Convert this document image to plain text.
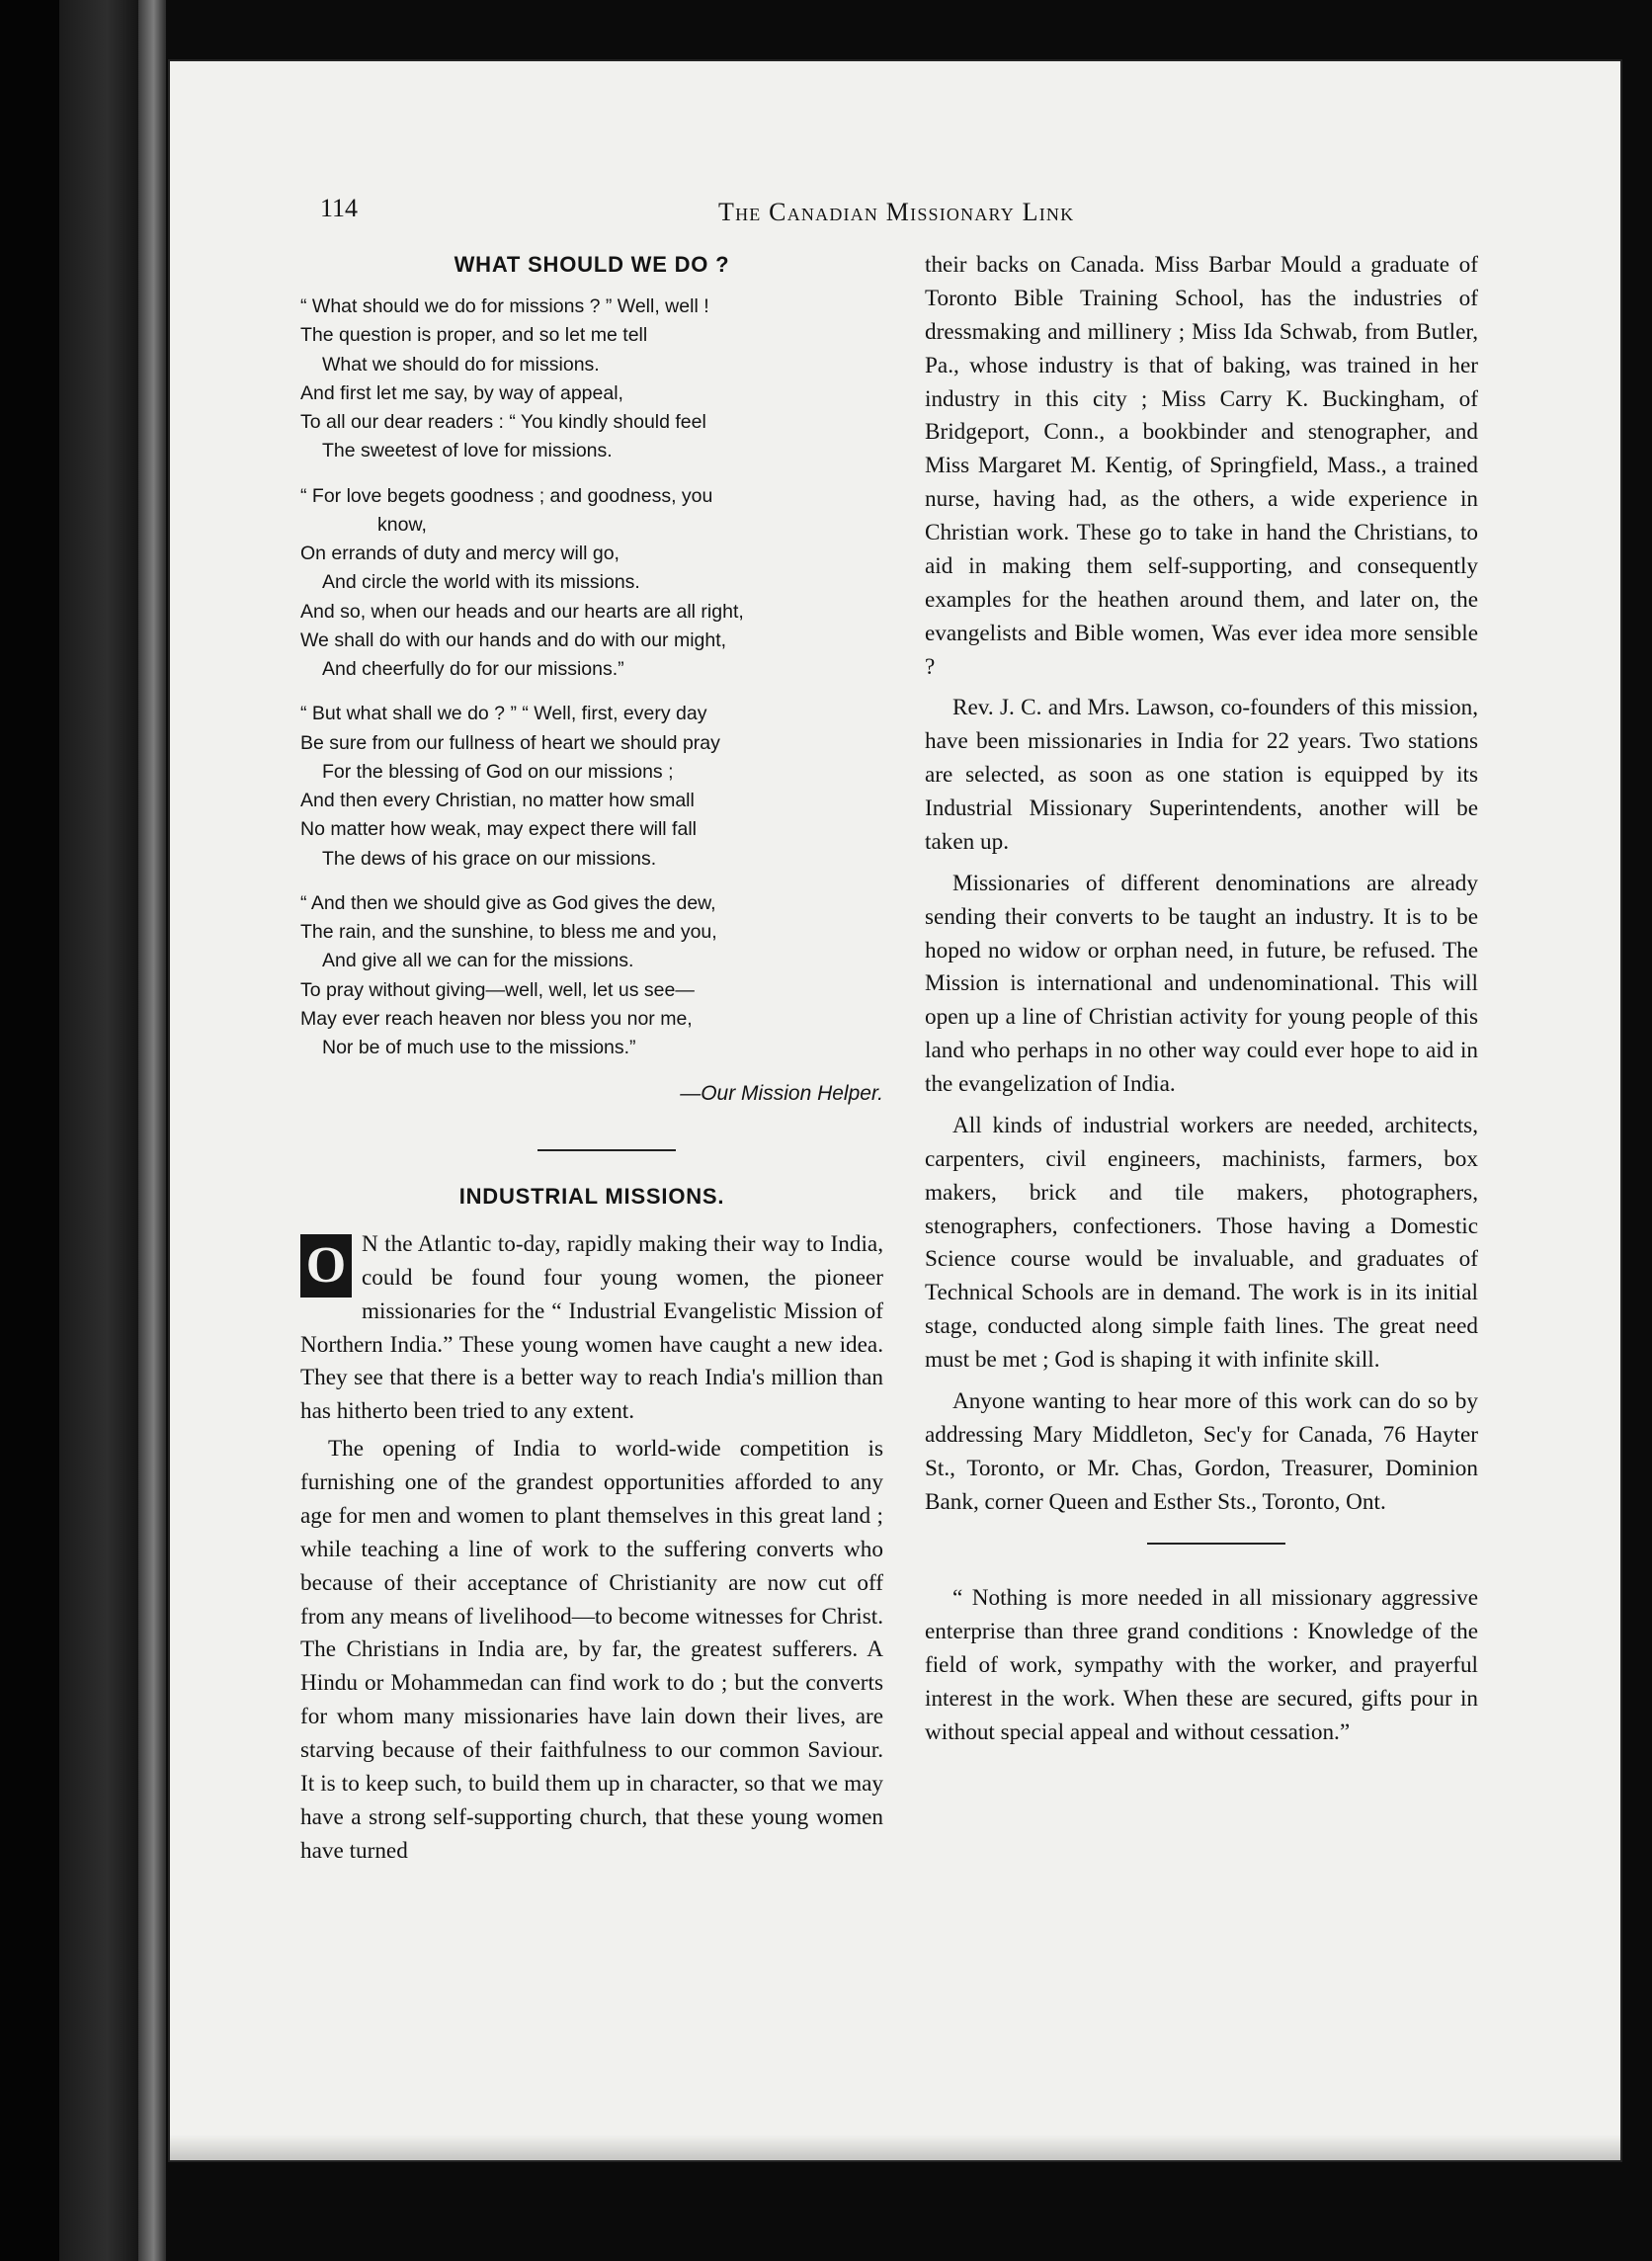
114	The Canadian Missionary Link
WHAT SHOULD WE DO ?
“ What should we do for missions ? ” Well, well !
The question is proper, and so let me tell
What we should do for missions.
And first let me say, by way of appeal,
To all our dear readers : “ You kindly should feel
The sweetest of love for missions.
“ For love begets goodness ; and goodness, you
know,
On errands of duty and mercy will go,
And circle the world with its missions.
And so, when our heads and our hearts are all right,
We shall do with our hands and do with our might,
And cheerfully do for our missions.”
“ But what shall we do ? ” “ Well, first, every day
Be sure from our fullness of heart we should pray
For the blessing of God on our missions ;
And then every Christian, no matter how small
No matter how weak, may expect there will fall
The dews of his grace on our missions.
“ And then we should give as God gives the dew,
The rain, and the sunshine, to bless me and you,
And give all we can for the missions.
To pray without giving—well, well, let us see—
May ever reach heaven nor bless you nor me,
Nor be of much use to the missions.”
—Our Mission Helper.
INDUSTRIAL MISSIONS.

O N the Atlantic to-day, rapidly making their way to India, could be found four young women, the pioneer missionaries for the “ Industrial Evangelistic Mission of Northern India.” These young women have caught a new idea. They see that there is a better way to reach India's million than has hitherto been tried to any extent.

The opening of India to world-wide competition is furnishing one of the grandest opportunities afforded to any age for men and women to plant themselves in this great land ; while teaching a line of work to the suffering converts who because of their acceptance of Christianity are now cut off from any means of livelihood—to become witnesses for Christ. The Christians in India are, by far, the greatest sufferers. A Hindu or Mohammedan can find work to do ; but the converts for whom many missionaries have lain down their lives, are starving because of their faithfulness to our common Saviour. It is to keep such, to build them up in character, so that we may have a strong self-supporting church, that these young women have turned

their backs on Canada. Miss Barbar Mould a graduate of Toronto Bible Training School, has the industries of dressmaking and millinery ; Miss Ida Schwab, from Butler, Pa., whose industry is that of baking, was trained in her industry in this city ; Miss Carry K. Buckingham, of Bridgeport, Conn., a bookbinder and stenographer, and Miss Margaret M. Kentig, of Springfield, Mass., a trained nurse, having had, as the others, a wide experience in Christian work. These go to take in hand the Christians, to aid in making them self-supporting, and consequently examples for the heathen around them, and later on, the evangelists and Bible women, Was ever idea more sensible ?

Rev. J. C. and Mrs. Lawson, co-founders of this mission, have been missionaries in India for 22 years. Two stations are selected, as soon as one station is equipped by its Industrial Missionary Superintendents, another will be taken up.

Missionaries of different denominations are already sending their converts to be taught an industry. It is to be hoped no widow or orphan need, in future, be refused. The Mission is international and undenominational. This will open up a line of Christian activity for young people of this land who perhaps in no other way could ever hope to aid in the evangelization of India.

All kinds of industrial workers are needed, architects, carpenters, civil engineers, machinists, farmers, box makers, brick and tile makers, photographers, stenographers, confectioners. Those having a Domestic Science course would be invaluable, and graduates of Technical Schools are in demand. The work is in its initial stage, conducted along simple faith lines. The great need must be met ; God is shaping it with infinite skill.

Anyone wanting to hear more of this work can do so by addressing Mary Middleton, Sec'y for Canada, 76 Hayter St., Toronto, or Mr. Chas, Gordon, Treasurer, Dominion Bank, corner Queen and Esther Sts., Toronto, Ont.

“ Nothing is more needed in all missionary aggressive enterprise than three grand conditions : Knowledge of the field of work, sympathy with the worker, and prayerful interest in the work. When these are secured, gifts pour in without special appeal and without cessation.”
